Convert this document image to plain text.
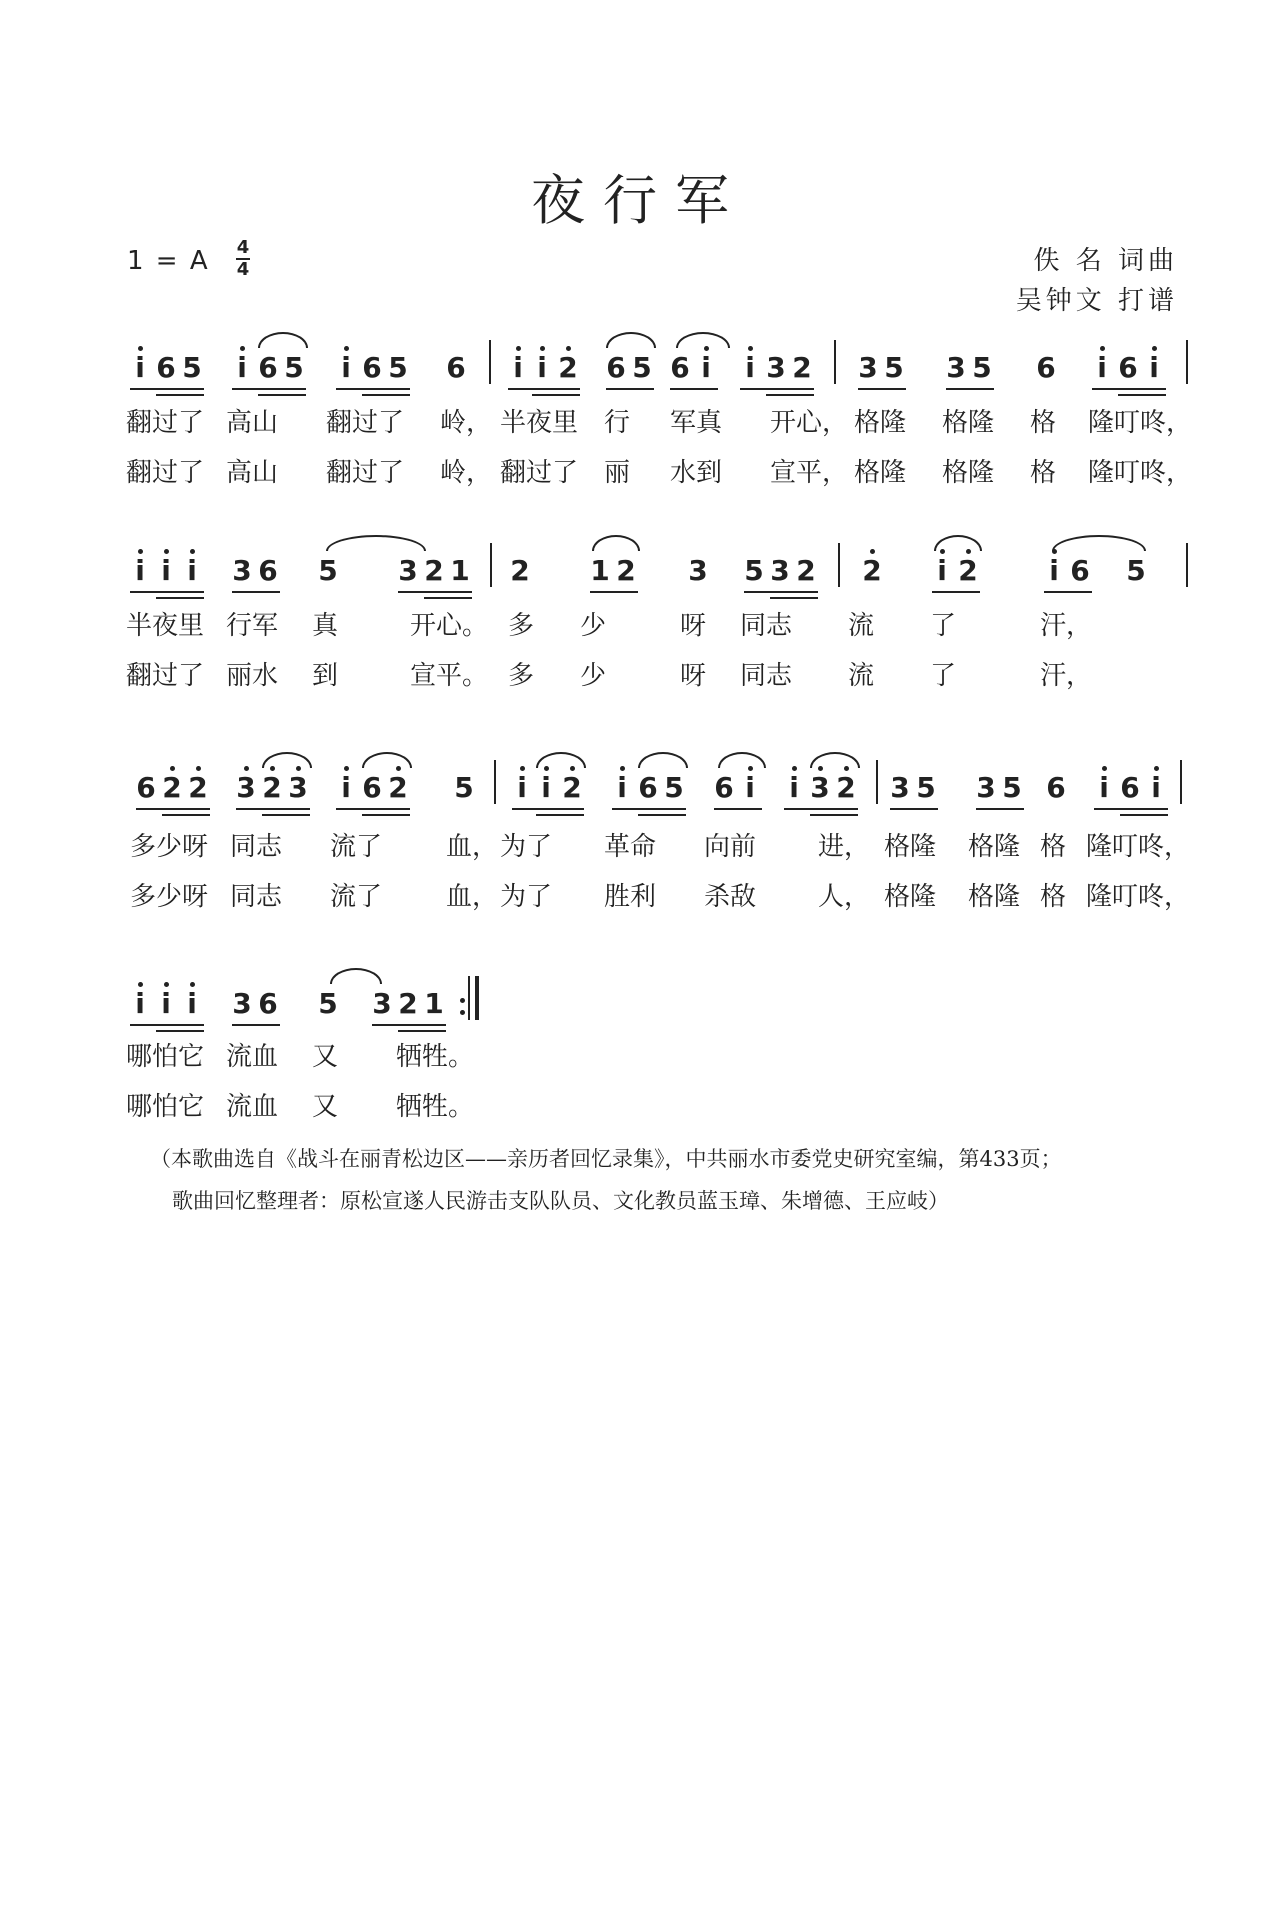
夜行军
1 = A 4
4	佚 名 词曲
吴钟文 打谱
i 6 5 i 6 5 i 6 5 6 i i 2 6 5 6 i i 3 2 3 5 3 5 6 i 6 i
翻过了 高山 翻过了 岭， 半夜里 行 军真 开心， 格隆 格隆 格 隆叮咚，
翻过了 高山 翻过了 岭， 翻过了 丽 水到 宣平， 格隆 格隆 格 隆叮咚，
i i i 3 6 5 3 2 1 2 1 2 3 5 3 2 2 i 2	i 6 5
半夜里 行军 真	开心。 多 少	呀 同志 流 了	汗，
翻过了 丽水 到	宣平。 多 少	呀 同志 流 了	汗，
6 2 2 3 2 3 i 6 2 5 i i 2 i 6 5 6 i i 3 2 3 5 3 5 6 i 6 i
多少呀 同志 流了 血， 为了 革命 向前 进， 格隆 格隆 格 隆叮咚，
多少呀 同志 流了 血， 为了 胜利 杀敌 人， 格隆 格隆 格 隆叮咚，
i i i 3 6 5 3 2 1
哪怕它 流血 又 牺牲。
哪怕它 流血 又 牺牲。
（本歌曲选自《战斗在丽青松边区——亲历者回忆录集》，中共丽水市委党史研究室编，第433页；
歌曲回忆整理者：原松宣遂人民游击支队队员、文化教员蓝玉璋、朱增德、王应岐）
